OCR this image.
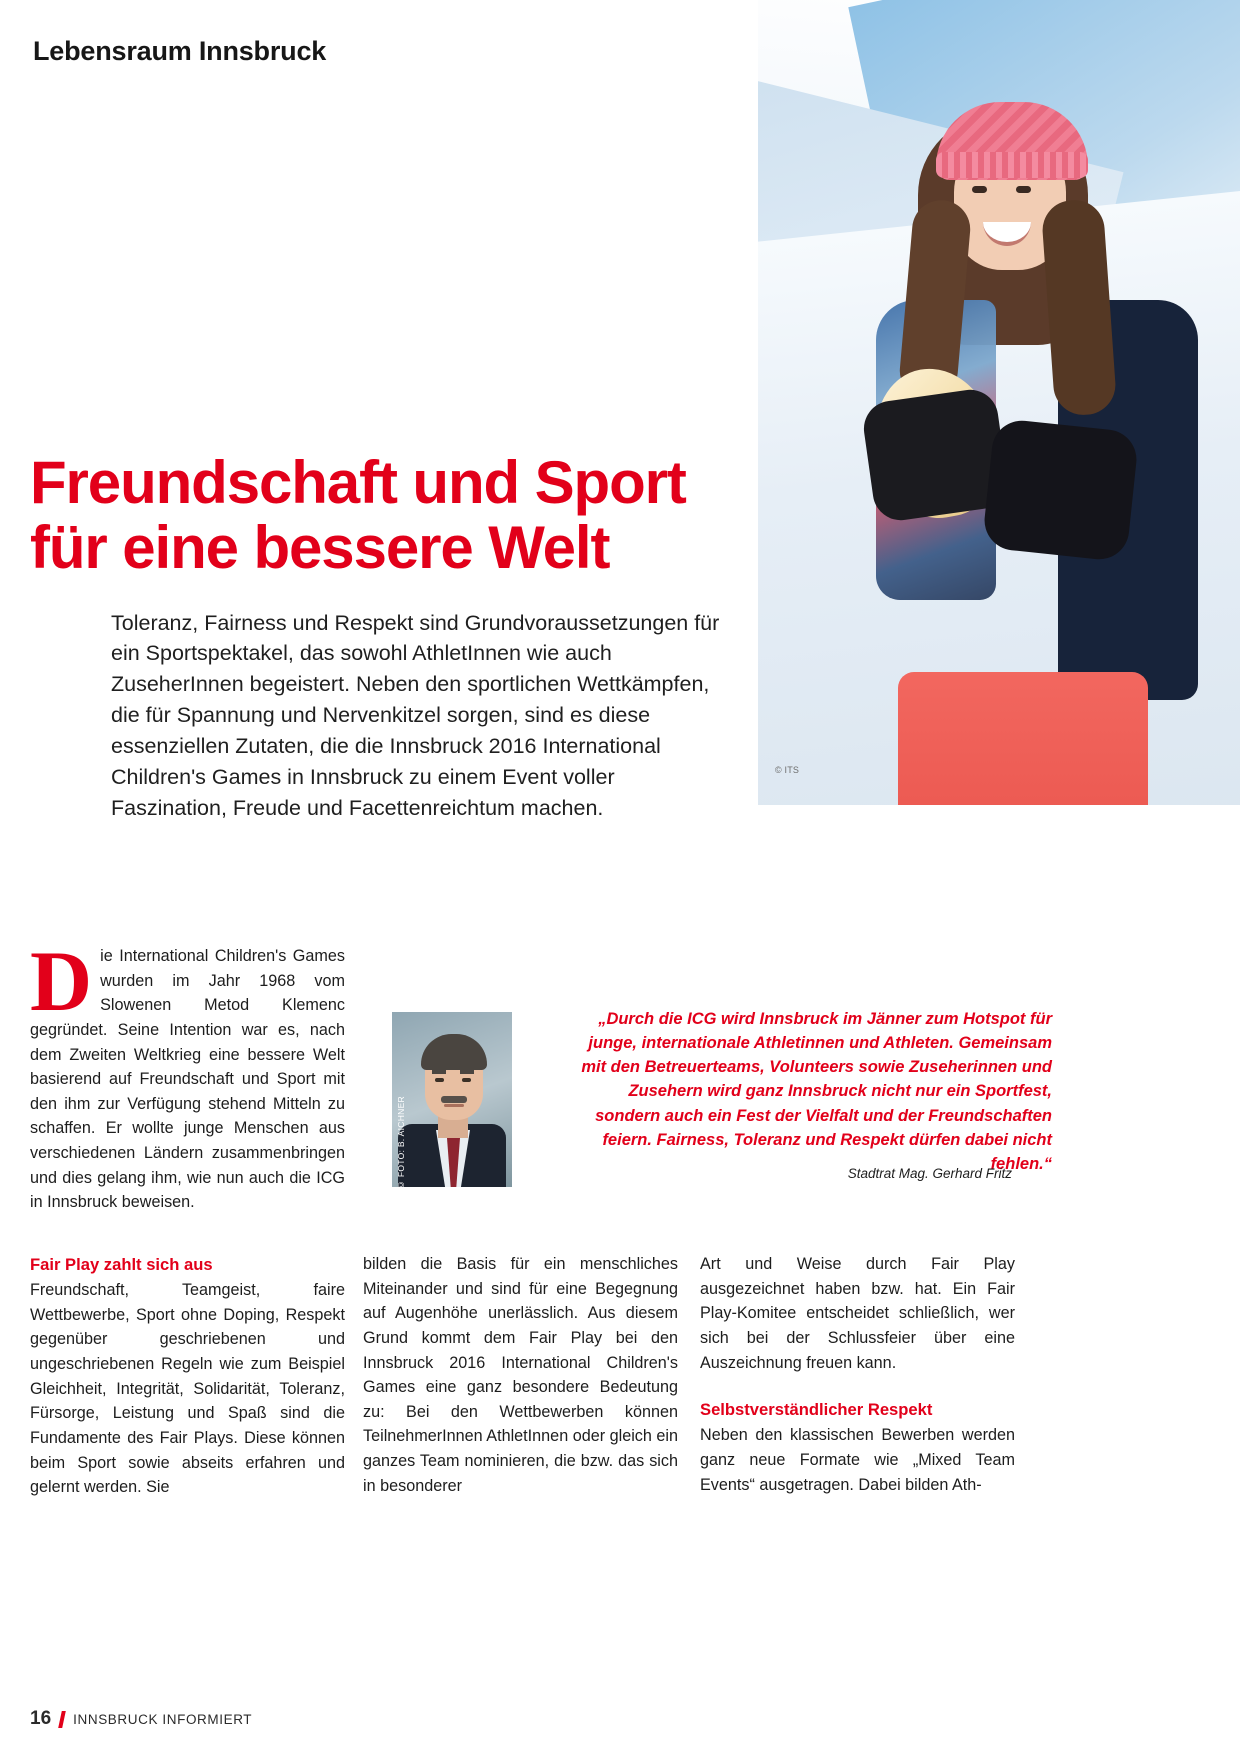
Lebensraum Innsbruck
© ITS
Freundschaft und Sport für eine bessere Welt

Toleranz, Fairness und Respekt sind Grundvoraussetzungen für ein Sportspektakel, das sowohl AthletInnen wie auch ZuseherInnen begeistert. Neben den sportlichen Wettkämpfen, die für Spannung und Nervenkitzel sorgen, sind es diese essenziellen Zutaten, die die Innsbruck 2016 International Children's Games in Innsbruck zu einem Event voller Faszination, Freude und Facettenreichtum machen.

Die International Children's Games wurden im Jahr 1968 vom Slowenen Metod Klemenc gegründet. Seine Intention war es, nach dem Zweiten Weltkrieg eine bessere Welt basierend auf Freundschaft und Sport mit den ihm zur Verfügung stehend Mitteln zu schaffen. Er wollte junge Menschen aus verschiedenen Ländern zusammenbringen und dies gelang ihm, wie nun auch die ICG in Innsbruck beweisen.
© FOTO: B. AICHNER
„Durch die ICG wird Innsbruck im Jänner zum Hotspot für junge, internationale Athletinnen und Athleten. Gemeinsam mit den Betreuerteams, Volunteers sowie Zuseherinnen und Zusehern wird ganz Innsbruck nicht nur ein Sportfest, sondern auch ein Fest der Vielfalt und der Freundschaften feiern. Fairness, Toleranz und Respekt dürfen dabei nicht fehlen.“
Stadtrat Mag. Gerhard Fritz
Fair Play zahlt sich aus

Freundschaft, Teamgeist, faire Wettbewerbe, Sport ohne Doping, Respekt gegenüber geschriebenen und ungeschriebenen Regeln wie zum Beispiel Gleichheit, Integrität, Solidarität, Toleranz, Fürsorge, Leistung und Spaß sind die Fundamente des Fair Plays. Diese können beim Sport sowie abseits erfahren und gelernt werden. Sie

bilden die Basis für ein menschliches Miteinander und sind für eine Begegnung auf Augenhöhe unerlässlich. Aus diesem Grund kommt dem Fair Play bei den Innsbruck 2016 International Children's Games eine ganz besondere Bedeutung zu: Bei den Wettbewerben können TeilnehmerInnen AthletInnen oder gleich ein ganzes Team nominieren, die bzw. das sich in besonderer

Art und Weise durch Fair Play ausgezeichnet haben bzw. hat. Ein Fair Play-Komitee entscheidet schließlich, wer sich bei der Schlussfeier über eine Auszeichnung freuen kann.

Selbstverständlicher Respekt

Neben den klassischen Bewerben werden ganz neue Formate wie „Mixed Team Events“ ausgetragen. Dabei bilden Ath-

16 INNSBRUCK INFORMIERT
